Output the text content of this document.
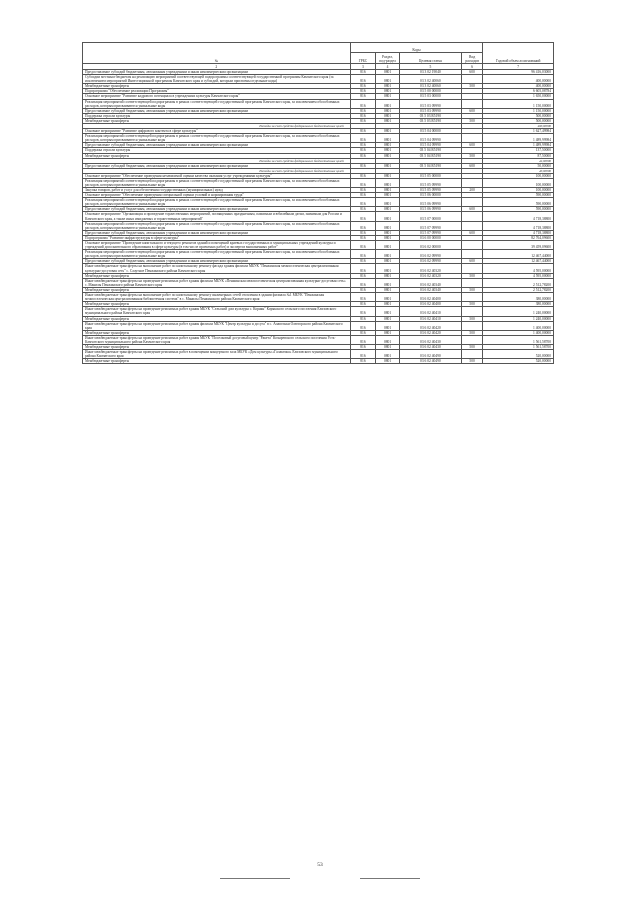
№	Коды				Годовой объем ассигнований
	ГРБС	Раздел, под-раздел	Целевая статья	Вид расходов	
2	3	4	5	6	7
Предоставление субсидий бюджетным, автономным учреждениям и иным некоммерческим организациям	816	0801	03 3 02 19040	600	96 416,03000
Субсидии местным бюджетам на реализацию мероприятий соответствующей подпрограммы соответствующей государственной программы Камчатского края (за исключением мероприятий Инвестиционной программы Камчатского края и субсидий, которым присвоены отдельные коды)	816	0801	03 3 02 40060		400,00000
Межбюджетные трансферты	816	0801	03 3 02 40060	500	400,00000
Подпрограмма "Обеспечение реализации Программы"	816	0801	03 5 00 00000		6 605,08784
Основное мероприятие "Развитие кадрового потенциала в учреждениях культуры Камчатского края"	816	0801	03 5 03 00000		1 650,00000
Реализация мероприятий соответствующей подпрограммы в рамках соответствующей государственной программы Камчатского края, за исключением обособленных расходов, которым присваиваются уникальные коды	816	0801	03 5 03 09990		1 150,00000
Предоставление субсидий бюджетным, автономным учреждениям и иным некоммерческим организациям	816	0801	03 5 03 09990	600	1 150,00000
Поддержка отрасли культуры	816	0801	03 5 03 R5190		500,00000
Межбюджетные трансферты	816	0801	03 5 03 R5190	500	500,00000
Расходы за счет средств федерального бюджета/иных целей					400,00000
Основное мероприятие "Развитие цифрового контента в сфере культуры"	816	0801	03 5 04 00000		1 627,49984
Реализация мероприятий соответствующей подпрограммы в рамках соответствующей государственной программы Камчатского края, за исключением обособленных расходов, которым присваиваются уникальные коды	816	0801	03 5 04 09990		1 489,99984
Предоставление субсидий бюджетным, автономным учреждениям и иным некоммерческим организациям	816	0801	03 5 04 09990	600	1 489,99984
Поддержка отрасли культуры	816	0801	03 5 04 R5190		137,50000
Межбюджетные трансферты	816	0801	03 5 04 R5190	500	87,50000
Расходы за счет средств федерального бюджета/иных целей					42,00000
Предоставление субсидий бюджетным, автономным учреждениям и иным некоммерческим организациям	816	0801	03 5 04 R5190	600	50,00000
Расходы за счет средств федерального бюджета/иных целей					40,00000
Основное мероприятие "Обеспечение проведения независимой оценки качества оказания услуг учреждениями культуры"	816	0801	03 5 05 00000		100,00000
Реализация мероприятий соответствующей подпрограммы в рамках соответствующей государственной программы Камчатского края, за исключением обособленных расходов, которым присваиваются уникальные коды	816	0801	03 5 05 09990		100,00000
Закупка товаров, работ и услуг для обеспечения государственных (муниципальных) нужд	816	0801	03 5 05 09990	200	100,00000
Основное мероприятие "Обеспечение проведения специальной оценки условий и нормирования труда"	816	0801	03 5 06 00000		590,00000
Реализация мероприятий соответствующей подпрограммы в рамках соответствующей государственной программы Камчатского края, за исключением обособленных расходов, которым присваиваются уникальные коды	816	0801	03 5 06 09990		590,00000
Предоставление субсидий бюджетным, автономным учреждениям и иным некоммерческим организациям	816	0801	03 5 06 09990	600	590,00000
Основное мероприятие "Организация и проведение торжественных мероприятий, посвященных праздничным, памятным и юбилейным датам, значимым для России и Камчатского края, а также иных имиджевых и торжественных мероприятий"	816	0801	03 5 07 00000		4 718,38800
Реализация мероприятий соответствующей подпрограммы в рамках соответствующей государственной программы Камчатского края, за исключением обособленных расходов, которым присваиваются уникальные коды	816	0801	03 5 07 09990		4 718,38800
Предоставление субсидий бюджетным, автономным учреждениям и иным некоммерческим организациям	816	0801	03 5 07 09990	600	4 718,38800
Подпрограмма "Развитие инфраструктуры в сфере культуры"	816	0801	03 6 00 00000		82 764,09600
Основное мероприятие "Проведение капитального и текущего ремонтов зданий и помещений краевых государственных и муниципальных учреждений культуры и учреждений дополнительного образования в сфере культуры (в том числе проектных работ) и экспертиз выполненных работ"	816	0801	03 6 02 00000		39 459,09600
Реализация мероприятий соответствующей подпрограммы в рамках соответствующей государственной программы Камчатского края, за исключением обособленных расходов, которым присваиваются уникальные коды	816	0801	03 6 02 09990		12 467,44000
Предоставление субсидий бюджетным, автономным учреждениям и иным некоммерческим организациям	816	0801	03 6 02 09990	600	12 467,44000
Иные межбюджетные трансферты на выполнение работ по капитальному ремонту фасада здания филиала МБУК "Пенжинская межпоселенческая централизованная культурно-досуговая сеть" с. Слаутное Пенжинского района Камчатского края	816	0801	03 6 02 40320		4 595,00000
Межбюджетные трансферты	816	0801	03 6 02 40320	500	4 595,00000
Иные межбюджетные трансферты на проведение ремонтных работ здания филиала МБУК «Пенжинская межпоселенческая централизованная культурно-досуговая сеть» с. Манилы Пенжинского района Камчатского края	816	0801	03 6 02 40340		2 512,78200
Межбюджетные трансферты	816	0801	03 6 02 40340	500	2 512,78200
Иные межбюджетные трансферты на выполнение работ по капитальному ремонту инженерных сетей отопления в здании филиала №1 МБУК "Пенжинская межпоселенческая централизованная библиотечная система" в с. Манилы Пенжинского района Камчатского края	816	0801	03 6 02 40400		380,00000
Межбюджетные трансферты	816	0801	03 6 02 40400	500	380,00000
Иные межбюджетные трансферты на проведение ремонтных работ здания МБУК "Сельский дом культуры с. Корякн" Корякского сельского поселения Елизовского муниципального района Камчатского края	816	0801	03 6 02 40410		1 240,00000
Межбюджетные трансферты	816	0801	03 6 02 40410	500	1 240,00000
Иные межбюджетные трансферты на проведение ремонтных работ здания филиала МБУК "Центр культуры и досуга" в с. Апапельки Олюторского района Камчатского края	816	0801	03 6 02 40420		1 400,00000
Межбюджетные трансферты	816	0801	03 6 02 40420	500	1 400,00000
Иные межбюджетные трансферты на проведение ремонтных работ здания МБУК "Поселковый досуговый центр "Ракета" Козыревского сельского поселения Усть-Камчатского муниципального района Камчатского края	816	0801	03 6 02 40430		1 561,58700
Межбюджетные трансферты	816	0801	03 6 02 40430	500	1 561,58700
Иные межбюджетные трансферты на проведение ремонтных работ в помещении концертного зала МБУК «Дом культуры «Галактика» Елизовского муниципального района Камчатского края	816	0801	03 6 02 40490		520,00000
Межбюджетные трансферты	816	0801	03 6 02 40490	500	520,00000
53
